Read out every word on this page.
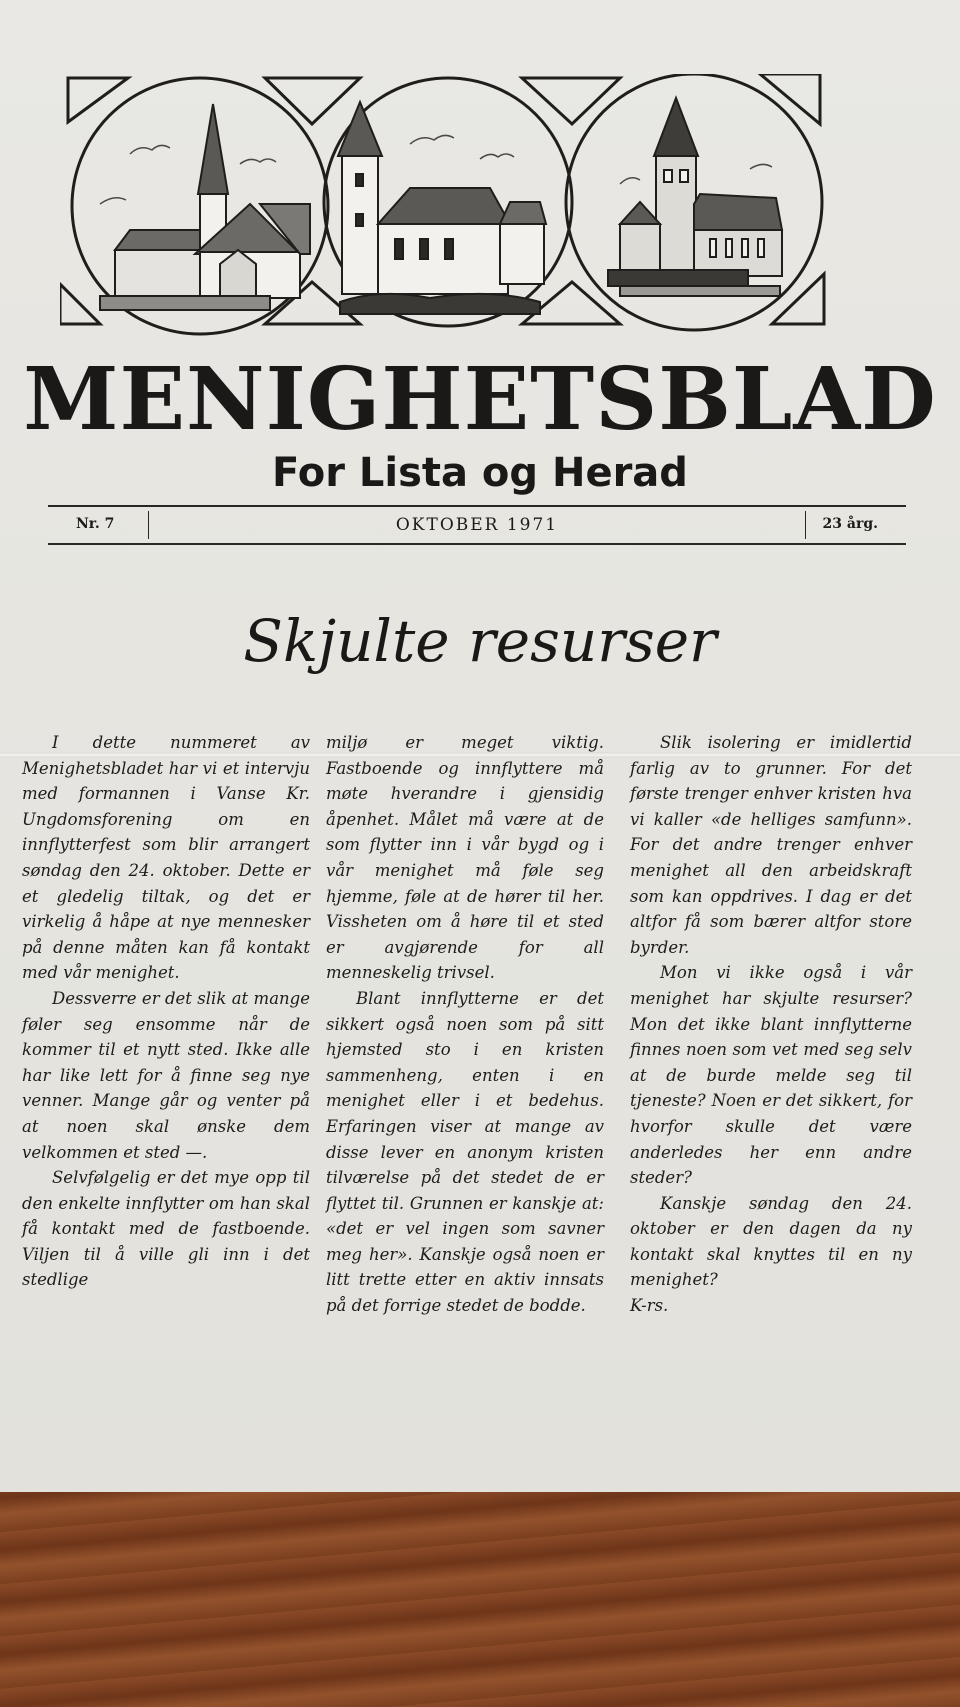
MENIGHETSBLAD
For Lista og Herad
Nr. 7	OKTOBER 1971	23 årg.
Skjulte resurser

I dette nummeret av Menighetsbladet har vi et intervju med formannen i Vanse Kr. Ungdomsforening om en innflytterfest som blir arrangert søndag den 24. oktober. Dette er et gledelig tiltak, og det er virkelig å håpe at nye mennesker på denne måten kan få kontakt med vår menighet.

Dessverre er det slik at mange føler seg ensomme når de kommer til et nytt sted. Ikke alle har like lett for å finne seg nye venner. Mange går og venter på at noen skal ønske dem velkommen et sted —.

Selvfølgelig er det mye opp til den enkelte innflytter om han skal få kontakt med de fastboende. Viljen til å ville gli inn i det stedlige

miljø er meget viktig. Fastboende og innflyttere må møte hverandre i gjensidig åpenhet. Målet må være at de som flytter inn i vår bygd og i vår menighet må føle seg hjemme, føle at de hører til her. Vissheten om å høre til et sted er avgjørende for all menneskelig trivsel.

Blant innflytterne er det sikkert også noen som på sitt hjemsted sto i en kristen sammenheng, enten i en menighet eller i et bedehus. Erfaringen viser at mange av disse lever en anonym kristen tilværelse på det stedet de er flyttet til. Grunnen er kanskje at: «det er vel ingen som savner meg her». Kanskje også noen er litt trette etter en aktiv innsats på det forrige stedet de bodde.

Slik isolering er imidlertid farlig av to grunner. For det første trenger enhver kristen hva vi kaller «de helliges samfunn». For det andre trenger enhver menighet all den arbeidskraft som kan oppdrives. I dag er det altfor få som bærer altfor store byrder.

Mon vi ikke også i vår menighet har skjulte resurser? Mon det ikke blant innflytterne finnes noen som vet med seg selv at de burde melde seg til tjeneste? Noen er det sikkert, for hvorfor skulle det være anderledes her enn andre steder?

Kanskje søndag den 24. oktober er den dagen da ny kontakt skal knyttes til en ny menighet?

K-rs.
